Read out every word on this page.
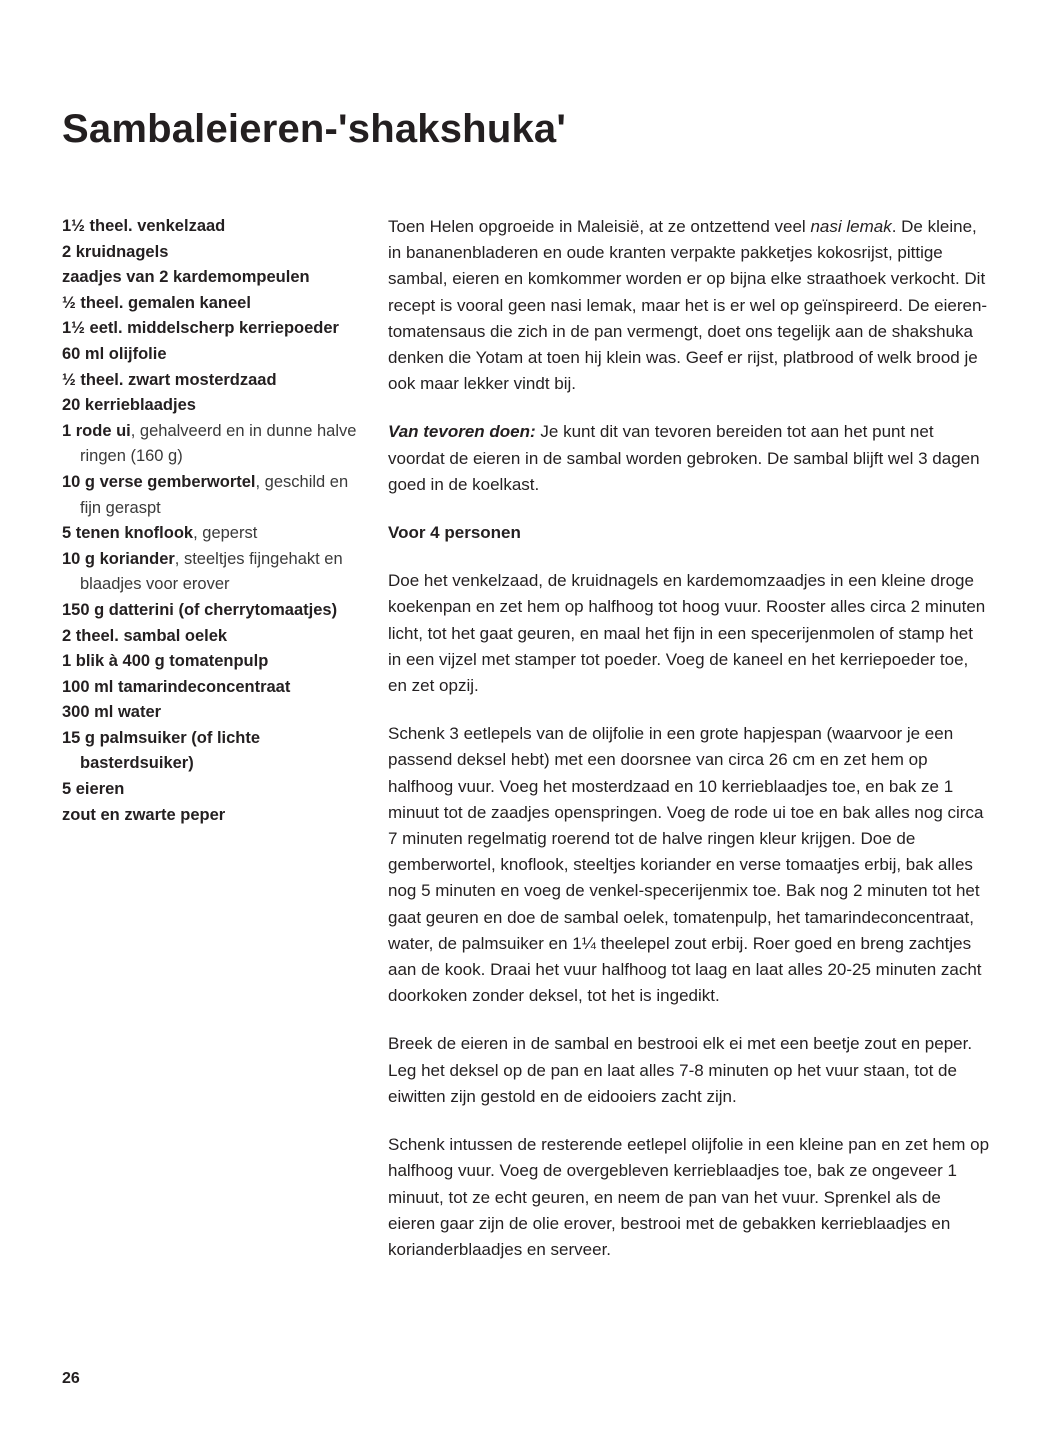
Sambaleieren-'shakshuka'

1½ theel. venkelzaad

2 kruidnagels

zaadjes van 2 kardemompeulen

½ theel. gemalen kaneel

1½ eetl. middelscherp kerriepoeder

60 ml olijfolie

½ theel. zwart mosterdzaad

20 kerrieblaadjes

1 rode ui, gehalveerd en in dunne halve ringen (160 g)

10 g verse gemberwortel, geschild en fijn geraspt

5 tenen knoflook, geperst

10 g koriander, steeltjes fijngehakt en blaadjes voor erover

150 g datterini (of cherrytomaatjes)

2 theel. sambal oelek

1 blik à 400 g tomatenpulp

100 ml tamarindeconcentraat

300 ml water

15 g palmsuiker (of lichte basterdsuiker)

5 eieren

zout en zwarte peper

Toen Helen opgroeide in Maleisië, at ze ontzettend veel nasi lemak. De kleine, in bananenbladeren en oude kranten verpakte pakketjes kokosrijst, pittige sambal, eieren en komkommer worden er op bijna elke straathoek verkocht. Dit recept is vooral geen nasi lemak, maar het is er wel op geïnspireerd. De eieren-tomatensaus die zich in de pan vermengt, doet ons tegelijk aan de shakshuka denken die Yotam at toen hij klein was. Geef er rijst, platbrood of welk brood je ook maar lekker vindt bij.

Van tevoren doen: Je kunt dit van tevoren bereiden tot aan het punt net voordat de eieren in de sambal worden gebroken. De sambal blijft wel 3 dagen goed in de koelkast.

Voor 4 personen

Doe het venkelzaad, de kruidnagels en kardemomzaadjes in een kleine droge koekenpan en zet hem op halfhoog tot hoog vuur. Rooster alles circa 2 minuten licht, tot het gaat geuren, en maal het fijn in een specerijenmolen of stamp het in een vijzel met stamper tot poeder. Voeg de kaneel en het kerriepoeder toe, en zet opzij.

Schenk 3 eetlepels van de olijfolie in een grote hapjespan (waarvoor je een passend deksel hebt) met een doorsnee van circa 26 cm en zet hem op halfhoog vuur. Voeg het mosterdzaad en 10 kerrieblaadjes toe, en bak ze 1 minuut tot de zaadjes openspringen. Voeg de rode ui toe en bak alles nog circa 7 minuten regelmatig roerend tot de halve ringen kleur krijgen. Doe de gemberwortel, knoflook, steeltjes koriander en verse tomaatjes erbij, bak alles nog 5 minuten en voeg de venkel-specerijenmix toe. Bak nog 2 minuten tot het gaat geuren en doe de sambal oelek, tomatenpulp, het tamarindeconcentraat, water, de palmsuiker en 1¼ theelepel zout erbij. Roer goed en breng zachtjes aan de kook. Draai het vuur halfhoog tot laag en laat alles 20-25 minuten zacht doorkoken zonder deksel, tot het is ingedikt.

Breek de eieren in de sambal en bestrooi elk ei met een beetje zout en peper. Leg het deksel op de pan en laat alles 7-8 minuten op het vuur staan, tot de eiwitten zijn gestold en de eidooiers zacht zijn.

Schenk intussen de resterende eetlepel olijfolie in een kleine pan en zet hem op halfhoog vuur. Voeg de overgebleven kerrieblaadjes toe, bak ze ongeveer 1 minuut, tot ze echt geuren, en neem de pan van het vuur. Sprenkel als de eieren gaar zijn de olie erover, bestrooi met de gebakken kerrieblaadjes en korianderblaadjes en serveer.

26
